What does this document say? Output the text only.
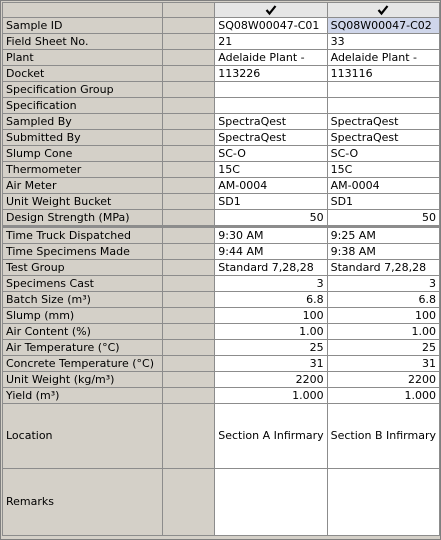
Sample ID		SQ08W00047-C01	SQ08W00047-C02
Field Sheet No.		21	33
Plant		Adelaide Plant -	Adelaide Plant -
Docket		113226	113116
Specification Group			
Specification			
Sampled By		SpectraQest	SpectraQest
Submitted By		SpectraQest	SpectraQest
Slump Cone		SC-O	SC-O
Thermometer		15C	15C
Air Meter		AM-0004	AM-0004
Unit Weight Bucket		SD1	SD1
Design Strength (MPa)		50	50
Time Truck Dispatched		9:30 AM	9:25 AM
Time Specimens Made		9:44 AM	9:38 AM
Test Group		Standard 7,28,28	Standard 7,28,28
Specimens Cast		3	3
Batch Size (m³)		6.8	6.8
Slump (mm)		100	100
Air Content (%)		1.00	1.00
Air Temperature (°C)		25	25
Concrete Temperature (°C)		31	31
Unit Weight (kg/m³)		2200	2200
Yield (m³)		1.000	1.000
Location		Section A Infirmary	Section B Infirmary
Remarks			
